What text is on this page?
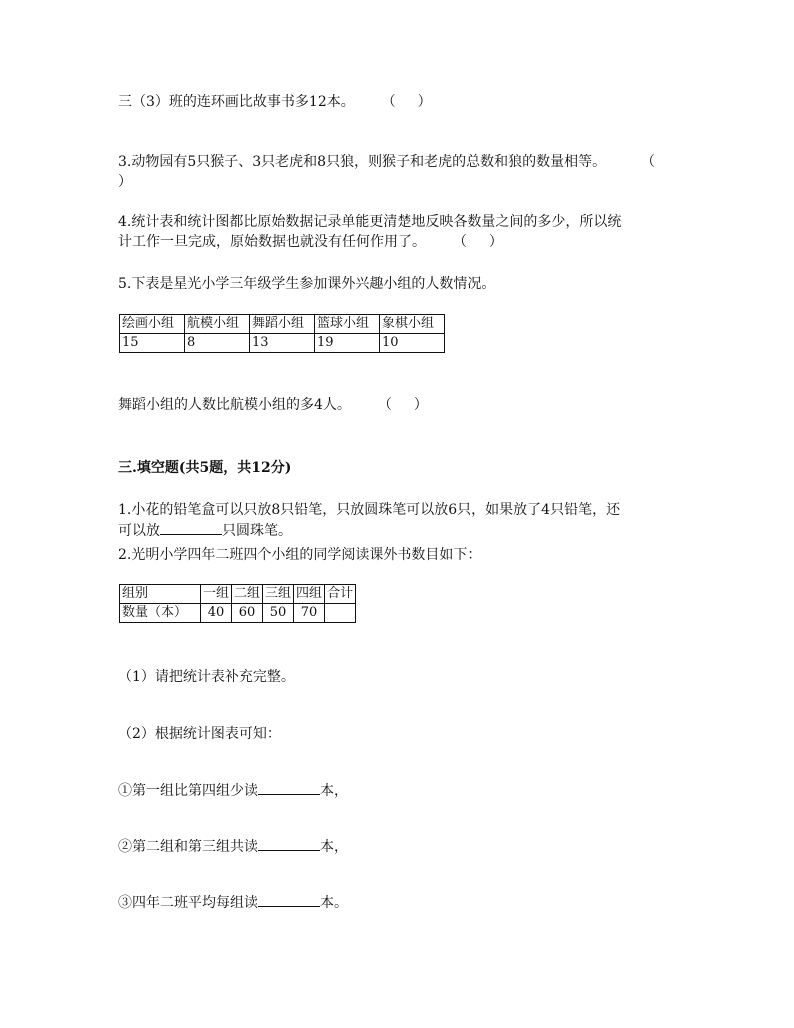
三（3）班的连环画比故事书多12本。 （ ）
3.动物园有5只猴子、3只老虎和8只狼，则猴子和老虎的总数和狼的数量相等。 （
）
4.统计表和统计图都比原始数据记录单能更清楚地反映各数量之间的多少，所以统
计工作一旦完成，原始数据也就没有任何作用了。 （ ）
5.下表是星光小学三年级学生参加课外兴趣小组的人数情况。
绘画小组	航模小组	舞蹈小组	篮球小组	象棋小组
15	8	13	19	10
舞蹈小组的人数比航模小组的多4人。 （ ）
三.填空题(共5题，共12分)
1.小花的铅笔盒可以只放8只铅笔，只放圆珠笔可以放6只，如果放了4只铅笔，还
可以放	只圆珠笔。
2.光明小学四年二班四个小组的同学阅读课外书数目如下：
组别	一组	二组	三组	四组	合计
数量（本）	40	60	50	70	
（1）请把统计表补充完整。
（2）根据统计图表可知：
①第一组比第四组少读	本，
②第二组和第三组共读	本，
③四年二班平均每组读	本。
